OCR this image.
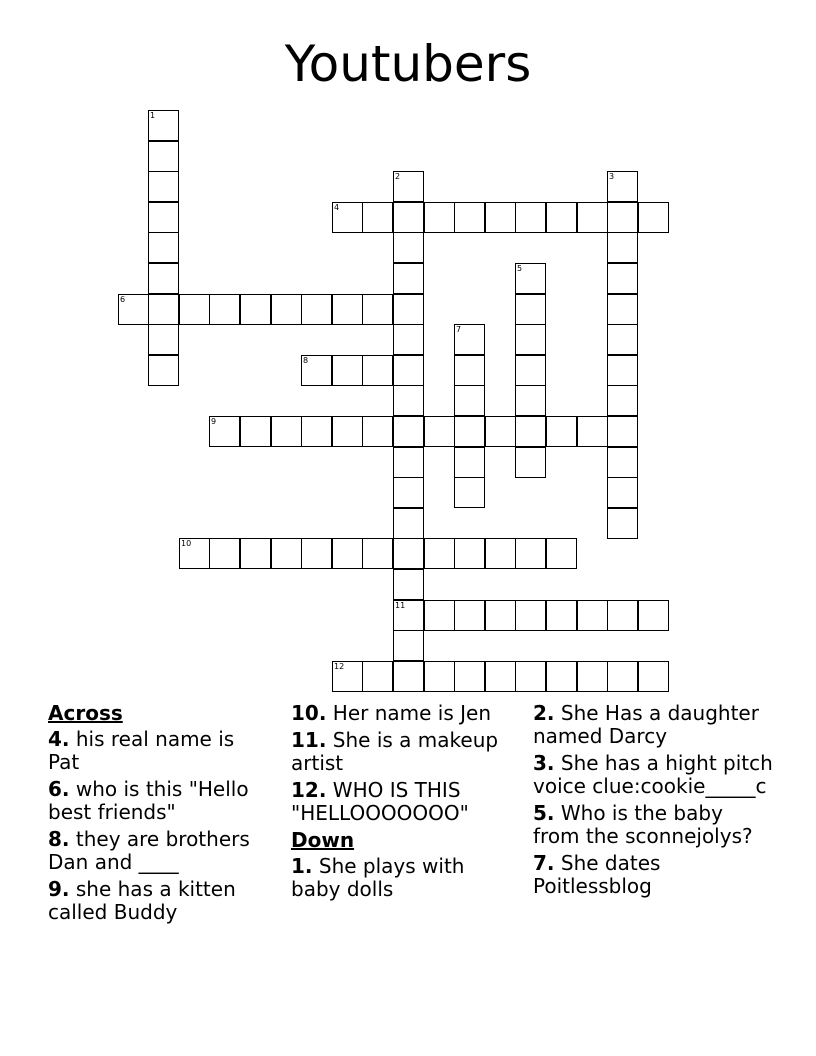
Youtubers
1
2
11
3
4
5
6
7
8
9
10
12
Across
4. his real name is Pat
6. who is this "Hello best friends"
8. they are brothers Dan and ____
9. she has a kitten called Buddy
10. Her name is Jen
11. She is a makeup artist
12. WHO IS THIS "HELLOOOOOOO"
Down
1. She plays with baby dolls
2. She Has a daughter named Darcy
3. She has a hight pitch voice clue:cookie_____c
5. Who is the baby from the sconnejolys?
7. She dates Poitlessblog
